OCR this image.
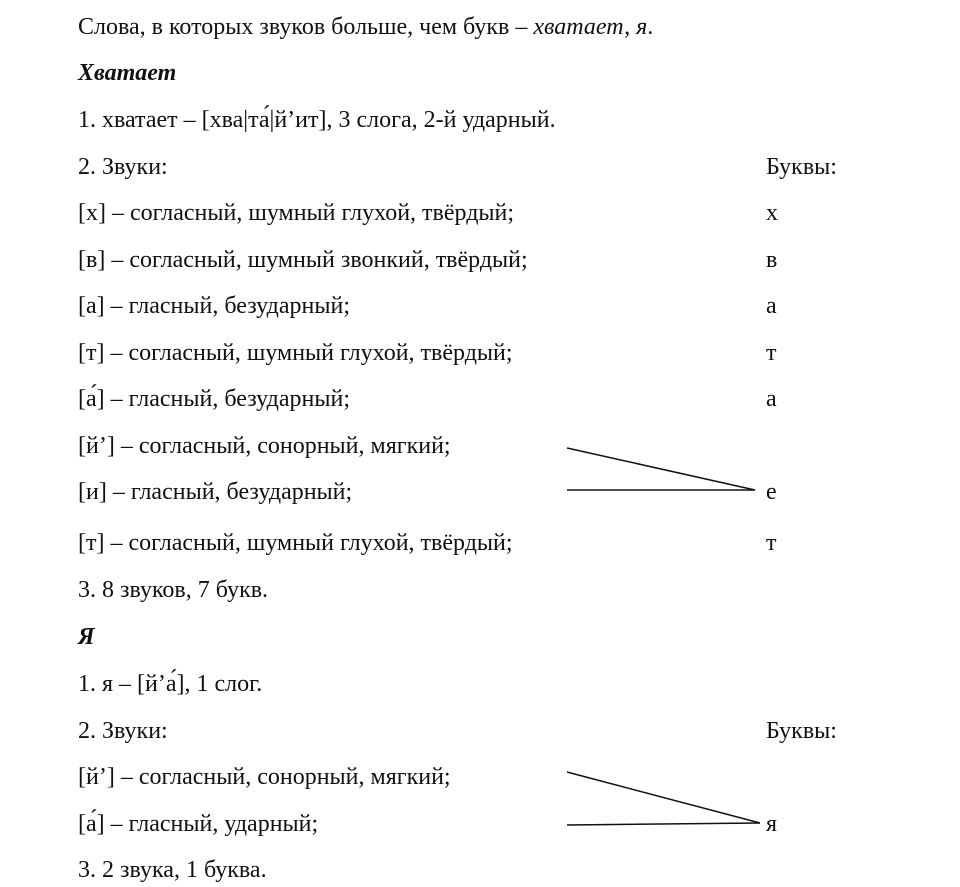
Слова, в которых звуков больше, чем букв – хватает, я.
Хватает
1. хватает – [хва|та́|й’ит], 3 слога, 2-й ударный.
2. Звуки:	Буквы:
[х] – согласный, шумный глухой, твёрдый;	х
[в] – согласный, шумный звонкий, твёрдый;	в
[а] – гласный, безударный;	а
[т] – согласный, шумный глухой, твёрдый;	т
[а́] – гласный, безударный;	а
[й’] – согласный, сонорный, мягкий;
[и] – гласный, безударный;	е
[т] – согласный, шумный глухой, твёрдый;	т
3. 8 звуков, 7 букв.
Я
1. я – [й’а́], 1 слог.
2. Звуки:	Буквы:
[й’] – согласный, сонорный, мягкий;
[а́] – гласный, ударный;	я
3. 2 звука, 1 буква.
